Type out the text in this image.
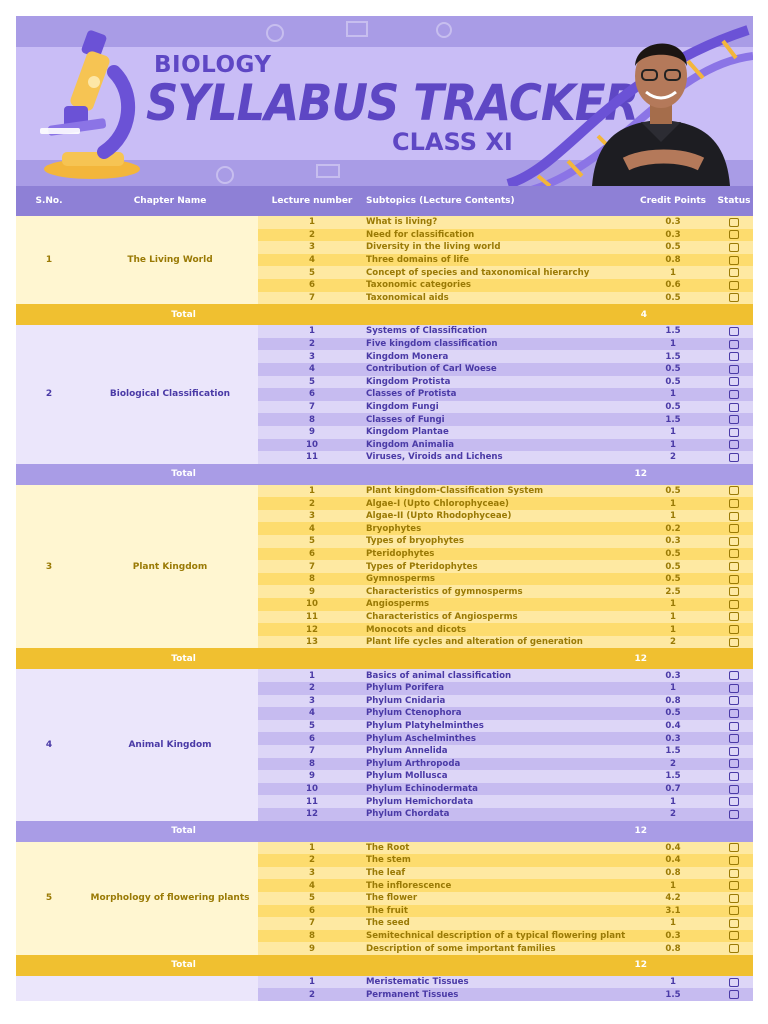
BIOLOGY
SYLLABUS TRACKER
CLASS XI
S.No.	Chapter Name	Lecture number	Subtopics (Lecture Contents)	Credit Points	Status
1	The Living World
1	What is living?	0.3
2	Need for classification	0.3
3	Diversity in the living world	0.5
4	Three domains of life	0.8
5	Concept of species and taxonomical hierarchy	1
6	Taxonomic categories	0.6
7	Taxonomical aids	0.5
Total	4
2	Biological Classification
1	Systems of Classification	1.5
2	Five kingdom classification	1
3	Kingdom Monera	1.5
4	Contribution of Carl Woese	0.5
5	Kingdom Protista	0.5
6	Classes of Protista	1
7	Kingdom Fungi	0.5
8	Classes of Fungi	1.5
9	Kingdom Plantae	1
10	Kingdom Animalia	1
11	Viruses, Viroids and Lichens	2
Total	12
3	Plant Kingdom
1	Plant kingdom-Classification System	0.5
2	Algae-I (Upto Chlorophyceae)	1
3	Algae-II (Upto Rhodophyceae)	1
4	Bryophytes	0.2
5	Types of bryophytes	0.3
6	Pteridophytes	0.5
7	Types of Pteridophytes	0.5
8	Gymnosperms	0.5
9	Characteristics of gymnosperms	2.5
10	Angiosperms	1
11	Characteristics of Angiosperms	1
12	Monocots and dicots	1
13	Plant life cycles and alteration of generation	2
Total	12
4	Animal Kingdom
1	Basics of animal classification	0.3
2	Phylum Porifera	1
3	Phylum Cnidaria	0.8
4	Phylum Ctenophora	0.5
5	Phylum Platyhelminthes	0.4
6	Phylum Aschelminthes	0.3
7	Phylum Annelida	1.5
8	Phylum Arthropoda	2
9	Phylum Mollusca	1.5
10	Phylum Echinodermata	0.7
11	Phylum Hemichordata	1
12	Phylum Chordata	2
Total	12
5	Morphology of flowering plants
1	The Root	0.4
2	The stem	0.4
3	The leaf	0.8
4	The inflorescence	1
5	The flower	4.2
6	The fruit	3.1
7	The seed	1
8	Semitechnical description of a typical flowering plant	0.3
9	Description of some important families	0.8
Total	12
1	Meristematic Tissues	1
2	Permanent Tissues	1.5
